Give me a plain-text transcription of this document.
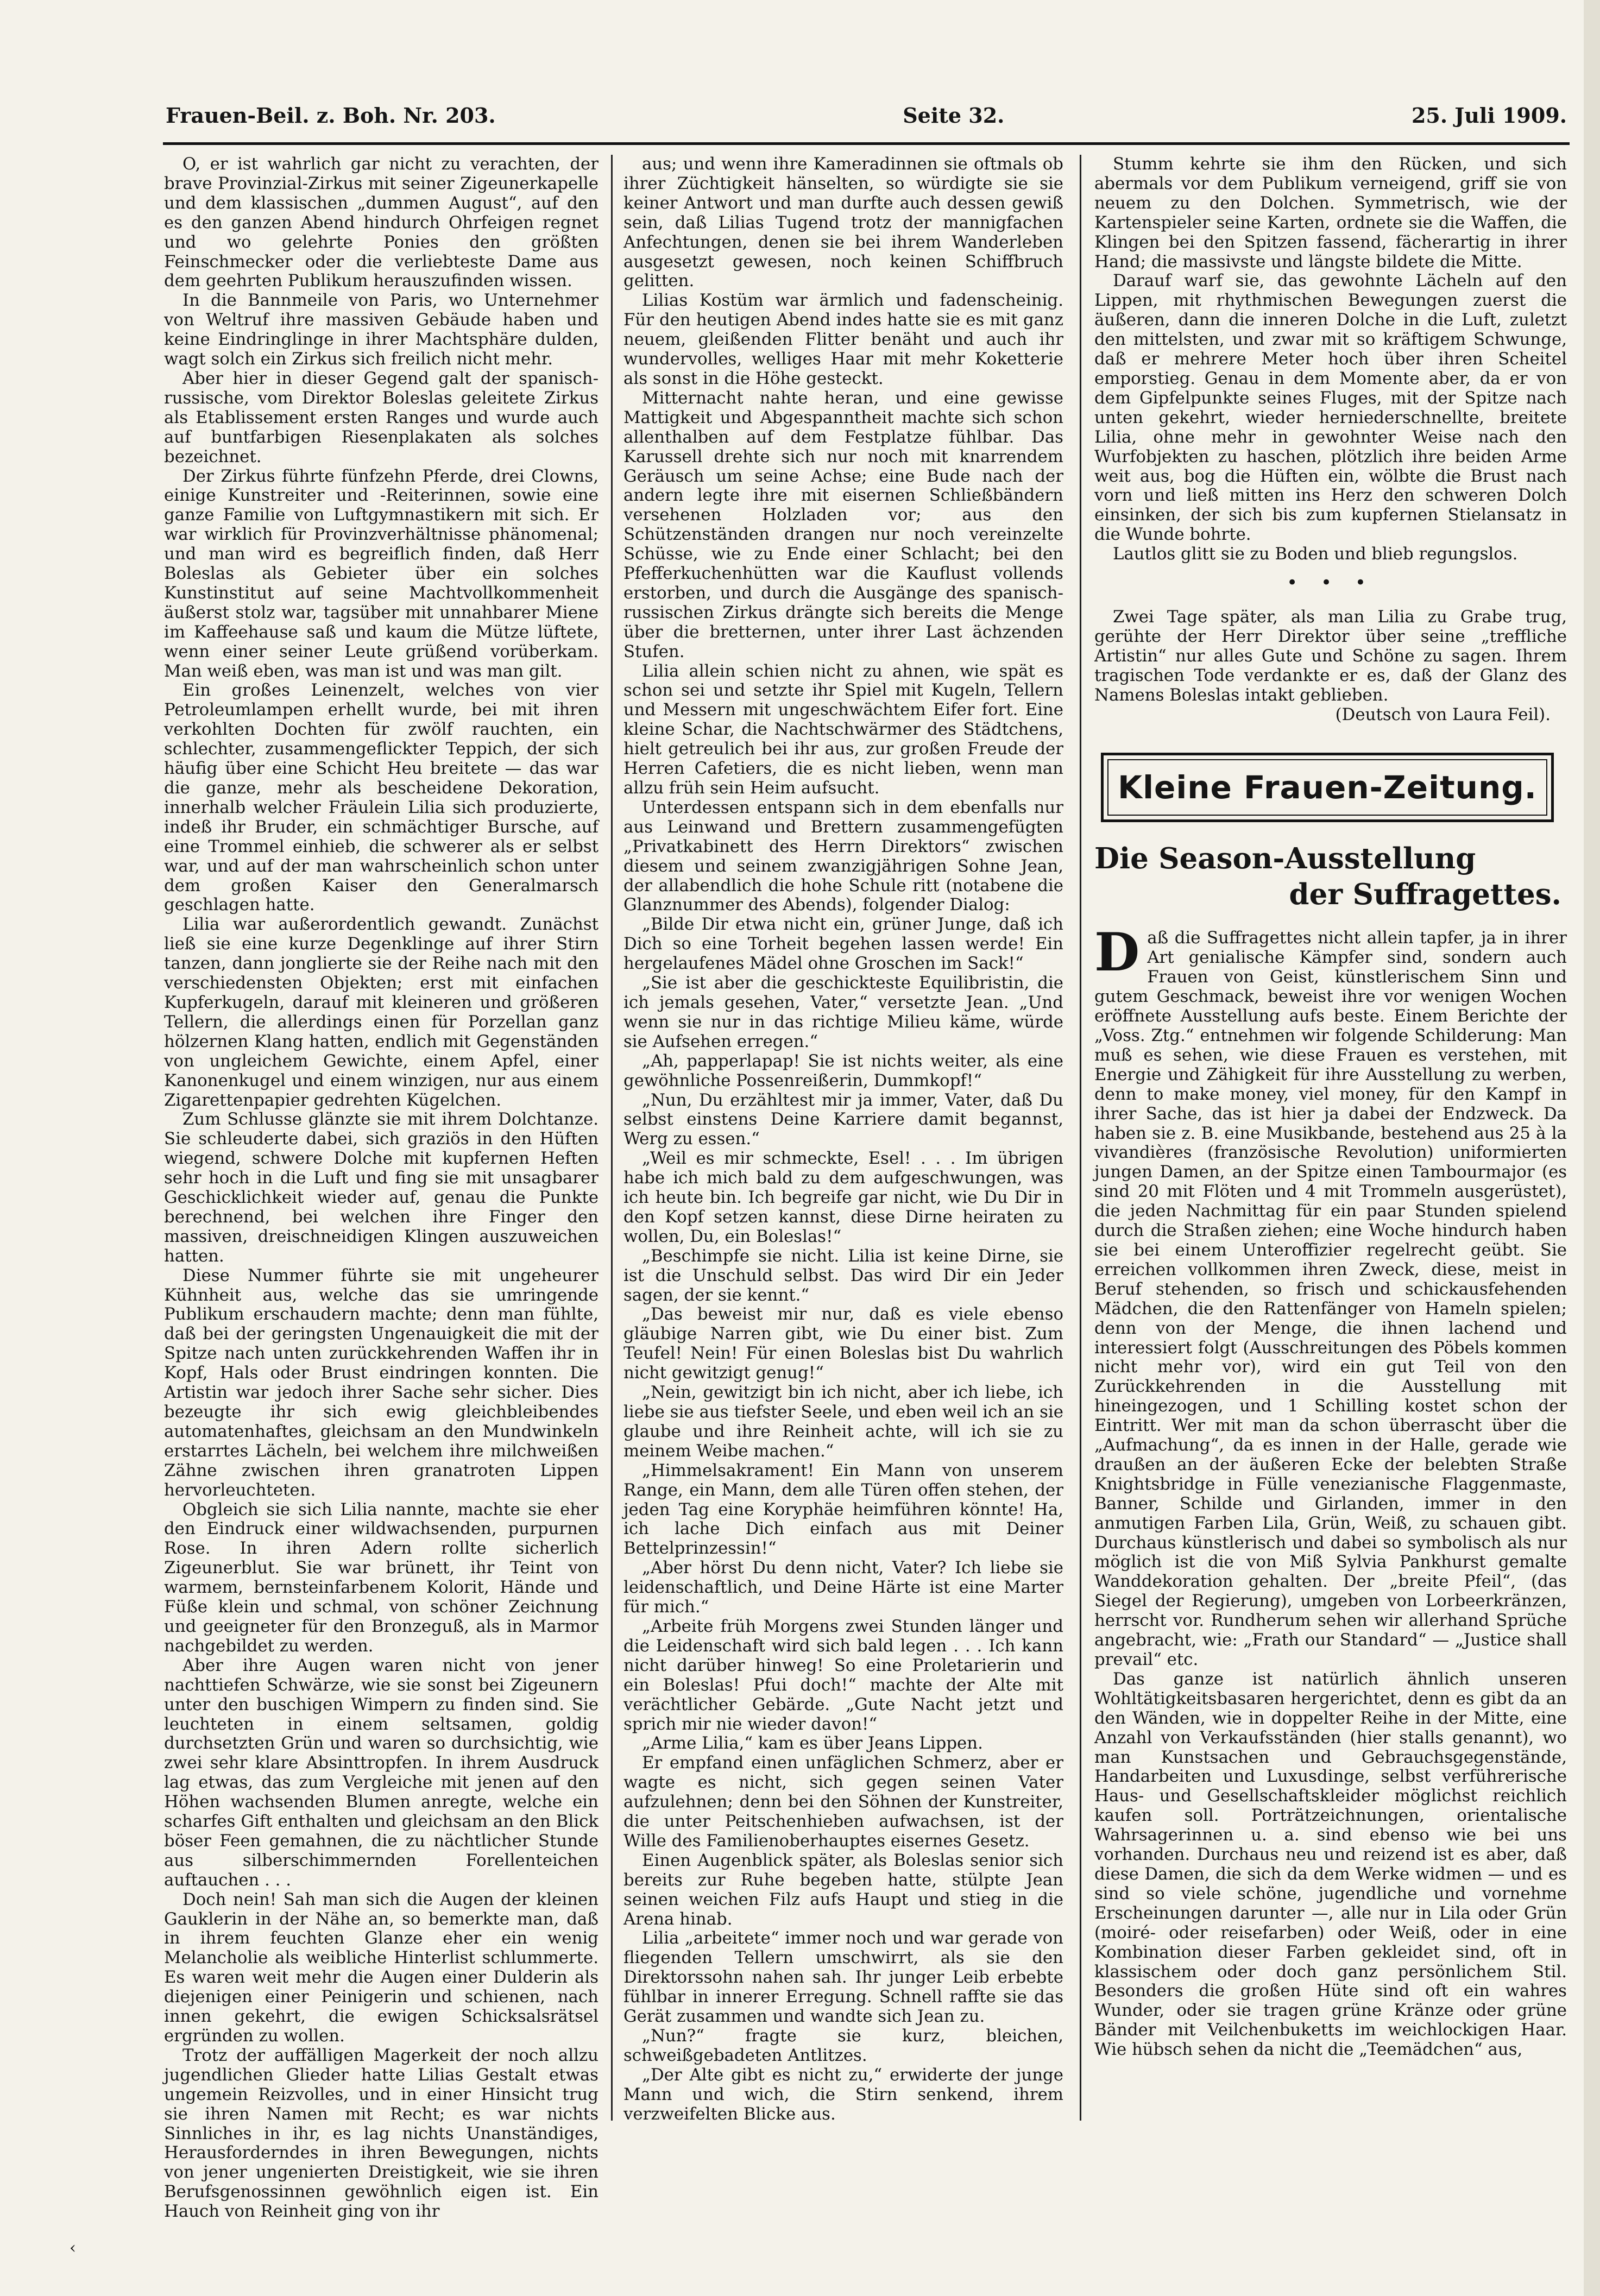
Frauen-Beil. z. Boh. Nr. 203.	Seite 32.	25. Juli 1909.

O, er ist wahrlich gar nicht zu verachten, der brave Provinzial-Zirkus mit seiner Zigeunerkapelle und dem klassischen „dummen August“, auf den es den ganzen Abend hindurch Ohrfeigen regnet und wo gelehrte Ponies den größten Feinschmecker oder die verliebteste Dame aus dem geehrten Publikum herauszufinden wissen.

In die Bannmeile von Paris, wo Unternehmer von Weltruf ihre massiven Gebäude haben und keine Eindringlinge in ihrer Machtsphäre dulden, wagt solch ein Zirkus sich freilich nicht mehr.

Aber hier in dieser Gegend galt der spanisch-russische, vom Direktor Boleslas geleitete Zirkus als Etablissement ersten Ranges und wurde auch auf buntfarbigen Riesenplakaten als solches bezeichnet.

Der Zirkus führte fünfzehn Pferde, drei Clowns, einige Kunstreiter und -Reiterinnen, sowie eine ganze Familie von Luftgymnastikern mit sich. Er war wirklich für Provinzverhältnisse phänomenal; und man wird es begreiflich finden, daß Herr Boleslas als Gebieter über ein solches Kunstinstitut auf seine Machtvollkommenheit äußerst stolz war, tagsüber mit unnahbarer Miene im Kaffeehause saß und kaum die Mütze lüftete, wenn einer seiner Leute grüßend vorüberkam. Man weiß eben, was man ist und was man gilt.

Ein großes Leinenzelt, welches von vier Petroleumlampen erhellt wurde, bei mit ihren verkohlten Dochten für zwölf rauchten, ein schlechter, zusammengeflickter Teppich, der sich häufig über eine Schicht Heu breitete — das war die ganze, mehr als bescheidene Dekoration, innerhalb welcher Fräulein Lilia sich produzierte, indeß ihr Bruder, ein schmächtiger Bursche, auf eine Trommel einhieb, die schwerer als er selbst war, und auf der man wahrscheinlich schon unter dem großen Kaiser den Generalmarsch geschlagen hatte.

Lilia war außerordentlich gewandt. Zunächst ließ sie eine kurze Degenklinge auf ihrer Stirn tanzen, dann jonglierte sie der Reihe nach mit den verschiedensten Objekten; erst mit einfachen Kupferkugeln, darauf mit kleineren und größeren Tellern, die allerdings einen für Porzellan ganz hölzernen Klang hatten, endlich mit Gegenständen von ungleichem Gewichte, einem Apfel, einer Kanonenkugel und einem winzigen, nur aus einem Zigarettenpapier gedrehten Kügelchen.

Zum Schlusse glänzte sie mit ihrem Dolchtanze. Sie schleuderte dabei, sich graziös in den Hüften wiegend, schwere Dolche mit kupfernen Heften sehr hoch in die Luft und fing sie mit unsagbarer Geschicklichkeit wieder auf, genau die Punkte berechnend, bei welchen ihre Finger den massiven, dreischneidigen Klingen auszuweichen hatten.

Diese Nummer führte sie mit ungeheurer Kühnheit aus, welche das sie umringende Publikum erschaudern machte; denn man fühlte, daß bei der geringsten Ungenauigkeit die mit der Spitze nach unten zurückkehrenden Waffen ihr in Kopf, Hals oder Brust eindringen konnten. Die Artistin war jedoch ihrer Sache sehr sicher. Dies bezeugte ihr sich ewig gleichbleibendes automatenhaftes, gleichsam an den Mundwinkeln erstarrtes Lächeln, bei welchem ihre milchweißen Zähne zwischen ihren granatroten Lippen hervorleuchteten.

Obgleich sie sich Lilia nannte, machte sie eher den Eindruck einer wildwachsenden, purpurnen Rose. In ihren Adern rollte sicherlich Zigeunerblut. Sie war brünett, ihr Teint von warmem, bernsteinfarbenem Kolorit, Hände und Füße klein und schmal, von schöner Zeichnung und geeigneter für den Bronzeguß, als in Marmor nachgebildet zu werden.

Aber ihre Augen waren nicht von jener nachttiefen Schwärze, wie sie sonst bei Zigeunern unter den buschigen Wimpern zu finden sind. Sie leuchteten in einem seltsamen, goldig durchsetzten Grün und waren so durchsichtig, wie zwei sehr klare Absinttropfen. In ihrem Ausdruck lag etwas, das zum Vergleiche mit jenen auf den Höhen wachsenden Blumen anregte, welche ein scharfes Gift enthalten und gleichsam an den Blick böser Feen gemahnen, die zu nächtlicher Stunde aus silberschimmernden Forellenteichen auftauchen . . .

Doch nein! Sah man sich die Augen der kleinen Gauklerin in der Nähe an, so bemerkte man, daß in ihrem feuchten Glanze eher ein wenig Melancholie als weibliche Hinterlist schlummerte. Es waren weit mehr die Augen einer Dulderin als diejenigen einer Peinigerin und schienen, nach innen gekehrt, die ewigen Schicksalsrätsel ergründen zu wollen.

Trotz der auffälligen Magerkeit der noch allzu jugendlichen Glieder hatte Lilias Gestalt etwas ungemein Reizvolles, und in einer Hinsicht trug sie ihren Namen mit Recht; es war nichts Sinnliches in ihr, es lag nichts Unanständiges, Herausforderndes in ihren Bewegungen, nichts von jener ungenierten Dreistigkeit, wie sie ihren Berufsgenossinnen gewöhnlich eigen ist. Ein Hauch von Reinheit ging von ihr

aus; und wenn ihre Kameradinnen sie oftmals ob ihrer Züchtigkeit hänselten, so würdigte sie sie keiner Antwort und man durfte auch dessen gewiß sein, daß Lilias Tugend trotz der mannigfachen Anfechtungen, denen sie bei ihrem Wanderleben ausgesetzt gewesen, noch keinen Schiffbruch gelitten.

Lilias Kostüm war ärmlich und fadenscheinig. Für den heutigen Abend indes hatte sie es mit ganz neuem, gleißenden Flitter benäht und auch ihr wundervolles, welliges Haar mit mehr Koketterie als sonst in die Höhe gesteckt.

Mitternacht nahte heran, und eine gewisse Mattigkeit und Abgespanntheit machte sich schon allenthalben auf dem Festplatze fühlbar. Das Karussell drehte sich nur noch mit knarrendem Geräusch um seine Achse; eine Bude nach der andern legte ihre mit eisernen Schließbändern versehenen Holzladen vor; aus den Schützenständen drangen nur noch vereinzelte Schüsse, wie zu Ende einer Schlacht; bei den Pfefferkuchenhütten war die Kauflust vollends erstorben, und durch die Ausgänge des spanisch-russischen Zirkus drängte sich bereits die Menge über die bretternen, unter ihrer Last ächzenden Stufen.

Lilia allein schien nicht zu ahnen, wie spät es schon sei und setzte ihr Spiel mit Kugeln, Tellern und Messern mit ungeschwächtem Eifer fort. Eine kleine Schar, die Nachtschwärmer des Städtchens, hielt getreulich bei ihr aus, zur großen Freude der Herren Cafetiers, die es nicht lieben, wenn man allzu früh sein Heim aufsucht.

Unterdessen entspann sich in dem ebenfalls nur aus Leinwand und Brettern zusammengefügten „Privatkabinett des Herrn Direktors“ zwischen diesem und seinem zwanzigjährigen Sohne Jean, der allabendlich die hohe Schule ritt (notabene die Glanznummer des Abends), folgender Dialog:

„Bilde Dir etwa nicht ein, grüner Junge, daß ich Dich so eine Torheit begehen lassen werde! Ein hergelaufenes Mädel ohne Groschen im Sack!“

„Sie ist aber die geschickteste Equilibristin, die ich jemals gesehen, Vater,“ versetzte Jean. „Und wenn sie nur in das richtige Milieu käme, würde sie Aufsehen erregen.“

„Ah, papperlapap! Sie ist nichts weiter, als eine gewöhnliche Possenreißerin, Dummkopf!“

„Nun, Du erzähltest mir ja immer, Vater, daß Du selbst einstens Deine Karriere damit begannst, Werg zu essen.“

„Weil es mir schmeckte, Esel! . . . Im übrigen habe ich mich bald zu dem aufgeschwungen, was ich heute bin. Ich begreife gar nicht, wie Du Dir in den Kopf setzen kannst, diese Dirne heiraten zu wollen, Du, ein Boleslas!“

„Beschimpfe sie nicht. Lilia ist keine Dirne, sie ist die Unschuld selbst. Das wird Dir ein Jeder sagen, der sie kennt.“

„Das beweist mir nur, daß es viele ebenso gläubige Narren gibt, wie Du einer bist. Zum Teufel! Nein! Für einen Boleslas bist Du wahrlich nicht gewitzigt genug!“

„Nein, gewitzigt bin ich nicht, aber ich liebe, ich liebe sie aus tiefster Seele, und eben weil ich an sie glaube und ihre Reinheit achte, will ich sie zu meinem Weibe machen.“

„Himmelsakrament! Ein Mann von unserem Range, ein Mann, dem alle Türen offen stehen, der jeden Tag eine Koryphäe heimführen könnte! Ha, ich lache Dich einfach aus mit Deiner Bettelprinzessin!“

„Aber hörst Du denn nicht, Vater? Ich liebe sie leidenschaftlich, und Deine Härte ist eine Marter für mich.“

„Arbeite früh Morgens zwei Stunden länger und die Leidenschaft wird sich bald legen . . . Ich kann nicht darüber hinweg! So eine Proletarierin und ein Boleslas! Pfui doch!“ machte der Alte mit verächtlicher Gebärde. „Gute Nacht jetzt und sprich mir nie wieder davon!“

„Arme Lilia,“ kam es über Jeans Lippen.

Er empfand einen unfäglichen Schmerz, aber er wagte es nicht, sich gegen seinen Vater aufzulehnen; denn bei den Söhnen der Kunstreiter, die unter Peitschenhieben aufwachsen, ist der Wille des Familienoberhauptes eisernes Gesetz.

Einen Augenblick später, als Boleslas senior sich bereits zur Ruhe begeben hatte, stülpte Jean seinen weichen Filz aufs Haupt und stieg in die Arena hinab.

Lilia „arbeitete“ immer noch und war gerade von fliegenden Tellern umschwirrt, als sie den Direktorssohn nahen sah. Ihr junger Leib erbebte fühlbar in innerer Erregung. Schnell raffte sie das Gerät zusammen und wandte sich Jean zu.

„Nun?“ fragte sie kurz, bleichen, schweißgebadeten Antlitzes.

„Der Alte gibt es nicht zu,“ erwiderte der junge Mann und wich, die Stirn senkend, ihrem verzweifelten Blicke aus.

Stumm kehrte sie ihm den Rücken, und sich abermals vor dem Publikum verneigend, griff sie von neuem zu den Dolchen. Symmetrisch, wie der Kartenspieler seine Karten, ordnete sie die Waffen, die Klingen bei den Spitzen fassend, fächerartig in ihrer Hand; die massivste und längste bildete die Mitte.

Darauf warf sie, das gewohnte Lächeln auf den Lippen, mit rhythmischen Bewegungen zuerst die äußeren, dann die inneren Dolche in die Luft, zuletzt den mittelsten, und zwar mit so kräftigem Schwunge, daß er mehrere Meter hoch über ihren Scheitel emporstieg. Genau in dem Momente aber, da er von dem Gipfelpunkte seines Fluges, mit der Spitze nach unten gekehrt, wieder herniederschnellte, breitete Lilia, ohne mehr in gewohnter Weise nach den Wurfobjekten zu haschen, plötzlich ihre beiden Arme weit aus, bog die Hüften ein, wölbte die Brust nach vorn und ließ mitten ins Herz den schweren Dolch einsinken, der sich bis zum kupfernen Stielansatz in die Wunde bohrte.

Lautlos glitt sie zu Boden und blieb regungslos.

• • •

Zwei Tage später, als man Lilia zu Grabe trug, gerühte der Herr Direktor über seine „treffliche Artistin“ nur alles Gute und Schöne zu sagen. Ihrem tragischen Tode verdankte er es, daß der Glanz des Namens Boleslas intakt geblieben.

(Deutsch von Laura Feil).

Kleine Frauen-Zeitung.
Die Season-Ausstellung
der Suffragettes.

Daß die Suffragettes nicht allein tapfer, ja in ihrer Art genialische Kämpfer sind, sondern auch Frauen von Geist, künstlerischem Sinn und gutem Geschmack, beweist ihre vor wenigen Wochen eröffnete Ausstellung aufs beste. Einem Berichte der „Voss. Ztg.“ entnehmen wir folgende Schilderung: Man muß es sehen, wie diese Frauen es verstehen, mit Energie und Zähigkeit für ihre Ausstellung zu werben, denn to make money, viel money, für den Kampf in ihrer Sache, das ist hier ja dabei der Endzweck. Da haben sie z. B. eine Musikbande, bestehend aus 25 à la vivandières (französische Revolution) uniformierten jungen Damen, an der Spitze einen Tambourmajor (es sind 20 mit Flöten und 4 mit Trommeln ausgerüstet), die jeden Nachmittag für ein paar Stunden spielend durch die Straßen ziehen; eine Woche hindurch haben sie bei einem Unteroffizier regelrecht geübt. Sie erreichen vollkommen ihren Zweck, diese, meist in Beruf stehenden, so frisch und schickausfehenden Mädchen, die den Rattenfänger von Hameln spielen; denn von der Menge, die ihnen lachend und interessiert folgt (Ausschreitungen des Pöbels kommen nicht mehr vor), wird ein gut Teil von den Zurückkehrenden in die Ausstellung mit hineingezogen, und 1 Schilling kostet schon der Eintritt. Wer mit man da schon überrascht über die „Aufmachung“, da es innen in der Halle, gerade wie draußen an der äußeren Ecke der belebten Straße Knightsbridge in Fülle venezianische Flaggenmaste, Banner, Schilde und Girlanden, immer in den anmutigen Farben Lila, Grün, Weiß, zu schauen gibt. Durchaus künstlerisch und dabei so symbolisch als nur möglich ist die von Miß Sylvia Pankhurst gemalte Wanddekoration gehalten. Der „breite Pfeil“, (das Siegel der Regierung), umgeben von Lorbeerkränzen, herrscht vor. Rundherum sehen wir allerhand Sprüche angebracht, wie: „Frath our Standard“ — „Justice shall prevail“ etc.

Das ganze ist natürlich ähnlich unseren Wohltätigkeitsbasaren hergerichtet, denn es gibt da an den Wänden, wie in doppelter Reihe in der Mitte, eine Anzahl von Verkaufsständen (hier stalls genannt), wo man Kunstsachen und Gebrauchsgegenstände, Handarbeiten und Luxusdinge, selbst verführerische Haus- und Gesellschaftskleider möglichst reichlich kaufen soll. Porträtzeichnungen, orientalische Wahrsagerinnen u. a. sind ebenso wie bei uns vorhanden. Durchaus neu und reizend ist es aber, daß diese Damen, die sich da dem Werke widmen — und es sind so viele schöne, jugendliche und vornehme Erscheinungen darunter —, alle nur in Lila oder Grün (moiré- oder reisefarben) oder Weiß, oder in eine Kombination dieser Farben gekleidet sind, oft in klassischem oder doch ganz persönlichem Stil. Besonders die großen Hüte sind oft ein wahres Wunder, oder sie tragen grüne Kränze oder grüne Bänder mit Veilchenbuketts im weichlockigen Haar. Wie hübsch sehen da nicht die „Teemädchen“ aus,

‹
